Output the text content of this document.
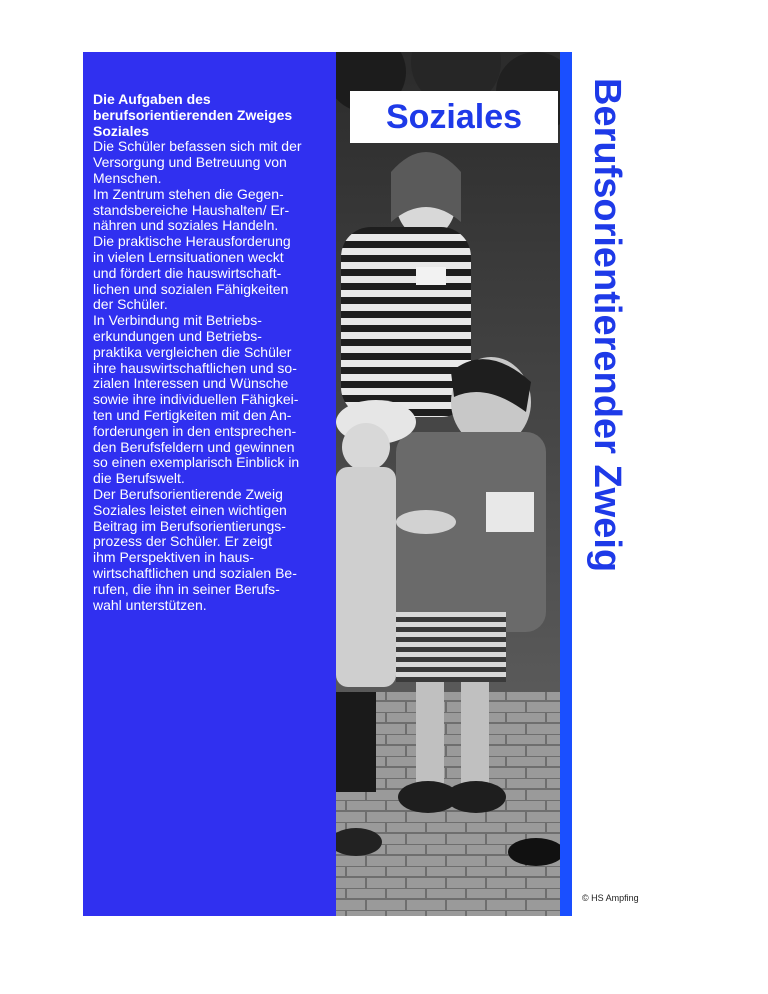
Die Aufgaben des

berufsorientierenden Zweiges

Soziales

Die Schüler befassen sich mit der

Versorgung und Betreuung von

Menschen.

Im Zentrum stehen die Gegen-

standsbereiche Haushalten/ Er-

nähren und soziales Handeln.

Die praktische Herausforderung

in vielen Lernsituationen weckt

und fördert die hauswirtschaft-

lichen und sozialen Fähigkeiten

der Schüler.

In Verbindung mit Betriebs-

erkundungen und Betriebs-

praktika vergleichen die Schüler

ihre hauswirtschaftlichen und so-

zialen Interessen und Wünsche

sowie ihre individuellen Fähigkei-

ten und Fertigkeiten mit den An-

forderungen in den entsprechen-

den Berufsfeldern und gewinnen

so einen exemplarisch Einblick in

die Berufswelt.

Der Berufsorientierende Zweig

Soziales leistet einen wichtigen

Beitrag im Berufsorientierungs-

prozess der Schüler. Er zeigt

ihm Perspektiven in haus-

wirtschaftlichen und sozialen Be-

rufen, die ihn in seiner Berufs-

wahl unterstützen.

Soziales	Berufsorientierender Zweig
© HS Ampfing
